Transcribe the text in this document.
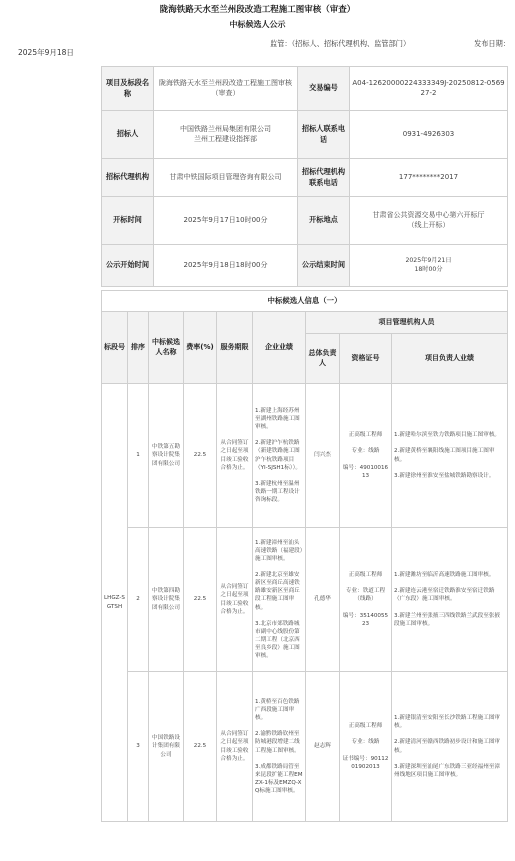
陇海铁路天水至兰州段改造工程施工图审核（审查）
中标候选人公示
监管：（招标人、招标代理机构、监管部门）	发布日期：
2025年9月18日
项目及标段名称	陇海铁路天水至兰州段改造工程施工图审核（审查）	交易编号	A04-12620000224333349J-20250812-056927-2
招标人	中国铁路兰州局集团有限公司
兰州工程建设指挥部	招标人联系电话	0931-4926303
招标代理机构	甘肃中铁国际项目管理咨询有限公司	招标代理机构联系电话	177********2017
开标时间	2025年9月17日10时00分	开标地点	甘肃省公共资源交易中心第六开标厅
（线上开标）

公示开始时间	2025年9月18日18时00分	公示结束时间	2025年9月21日
18时00分
中标候选人信息（一）								
标段号	排序	中标候选人名称	费率(%)	服务期限	企业业绩	项目管理机构人员		
						总体负责人	资格证号	项目负责人业绩
LHGZ-SGTSH	1	中铁第五勘察设计院集团有限公司	22.5	从合同签订之日起至项目竣工验收合格为止。	1.新建上海经苏州至湖州铁路施工图审核。

2.新建沪乍杭铁路（新建铁路施工图沪乍杭铁路项目（YI-SJSH1标））。

3.新建杭州至温州铁路一期工程设计咨询标段。	闫兴杰	正高级工程师

专业：线路

编号：4901001613	1.新建哈尔滨至铁力铁路项目施工图审核。

2.新建黄桥至襄阳线施工图项目施工图审核。

3.新建徐州至淮安至盐城铁路勘察设计。

	2	中铁第四勘察设计院集团有限公司	22.5	从合同签订之日起至项目竣工验收合格为止。	1.新建漳州至汕头高速铁路（福建段）施工图审核。

2.新建北京至雄安新区至商丘高速铁路雄安新区至商丘段工程施工图审核。

3.北京市郊铁路城市副中心线股份第二期工程（北京西至良乡段）施工图审核。	孔德华	正高级工程师

专业：铁道工程（线路）

编号：3514005523	1.新建潍坊至临沂高速铁路施工图审核。

2.新建连云港至宿迁铁路淮安至宿迁铁路（广东段）施工图审核。

3.新建兰州至张掖三四线铁路兰武段至张掖段施工图审核。

	3	中国铁路设计集团有限公司	22.5	从合同签订之日起至项目竣工验收合格为止。	1.黄桥至百色铁路广西段施工图审核。

2.渝黔铁路钦州至防城港段增建二线工程施工图审核。

3.成都铁路局管至来昆段扩能工程EMZX-1标及EMZQ-XQ标施工图审核。	赵志辉	正高级工程师

专业：线路

证书编号：9011201902013	1.新建银清至安阳至长沙铁路工程施工图审核。

2.新建清河至赣西铁路初步设计和施工图审核。

3.新建深圳至汕尾广东铁路三亚经福州至漳州线地区项目施工图审核。
